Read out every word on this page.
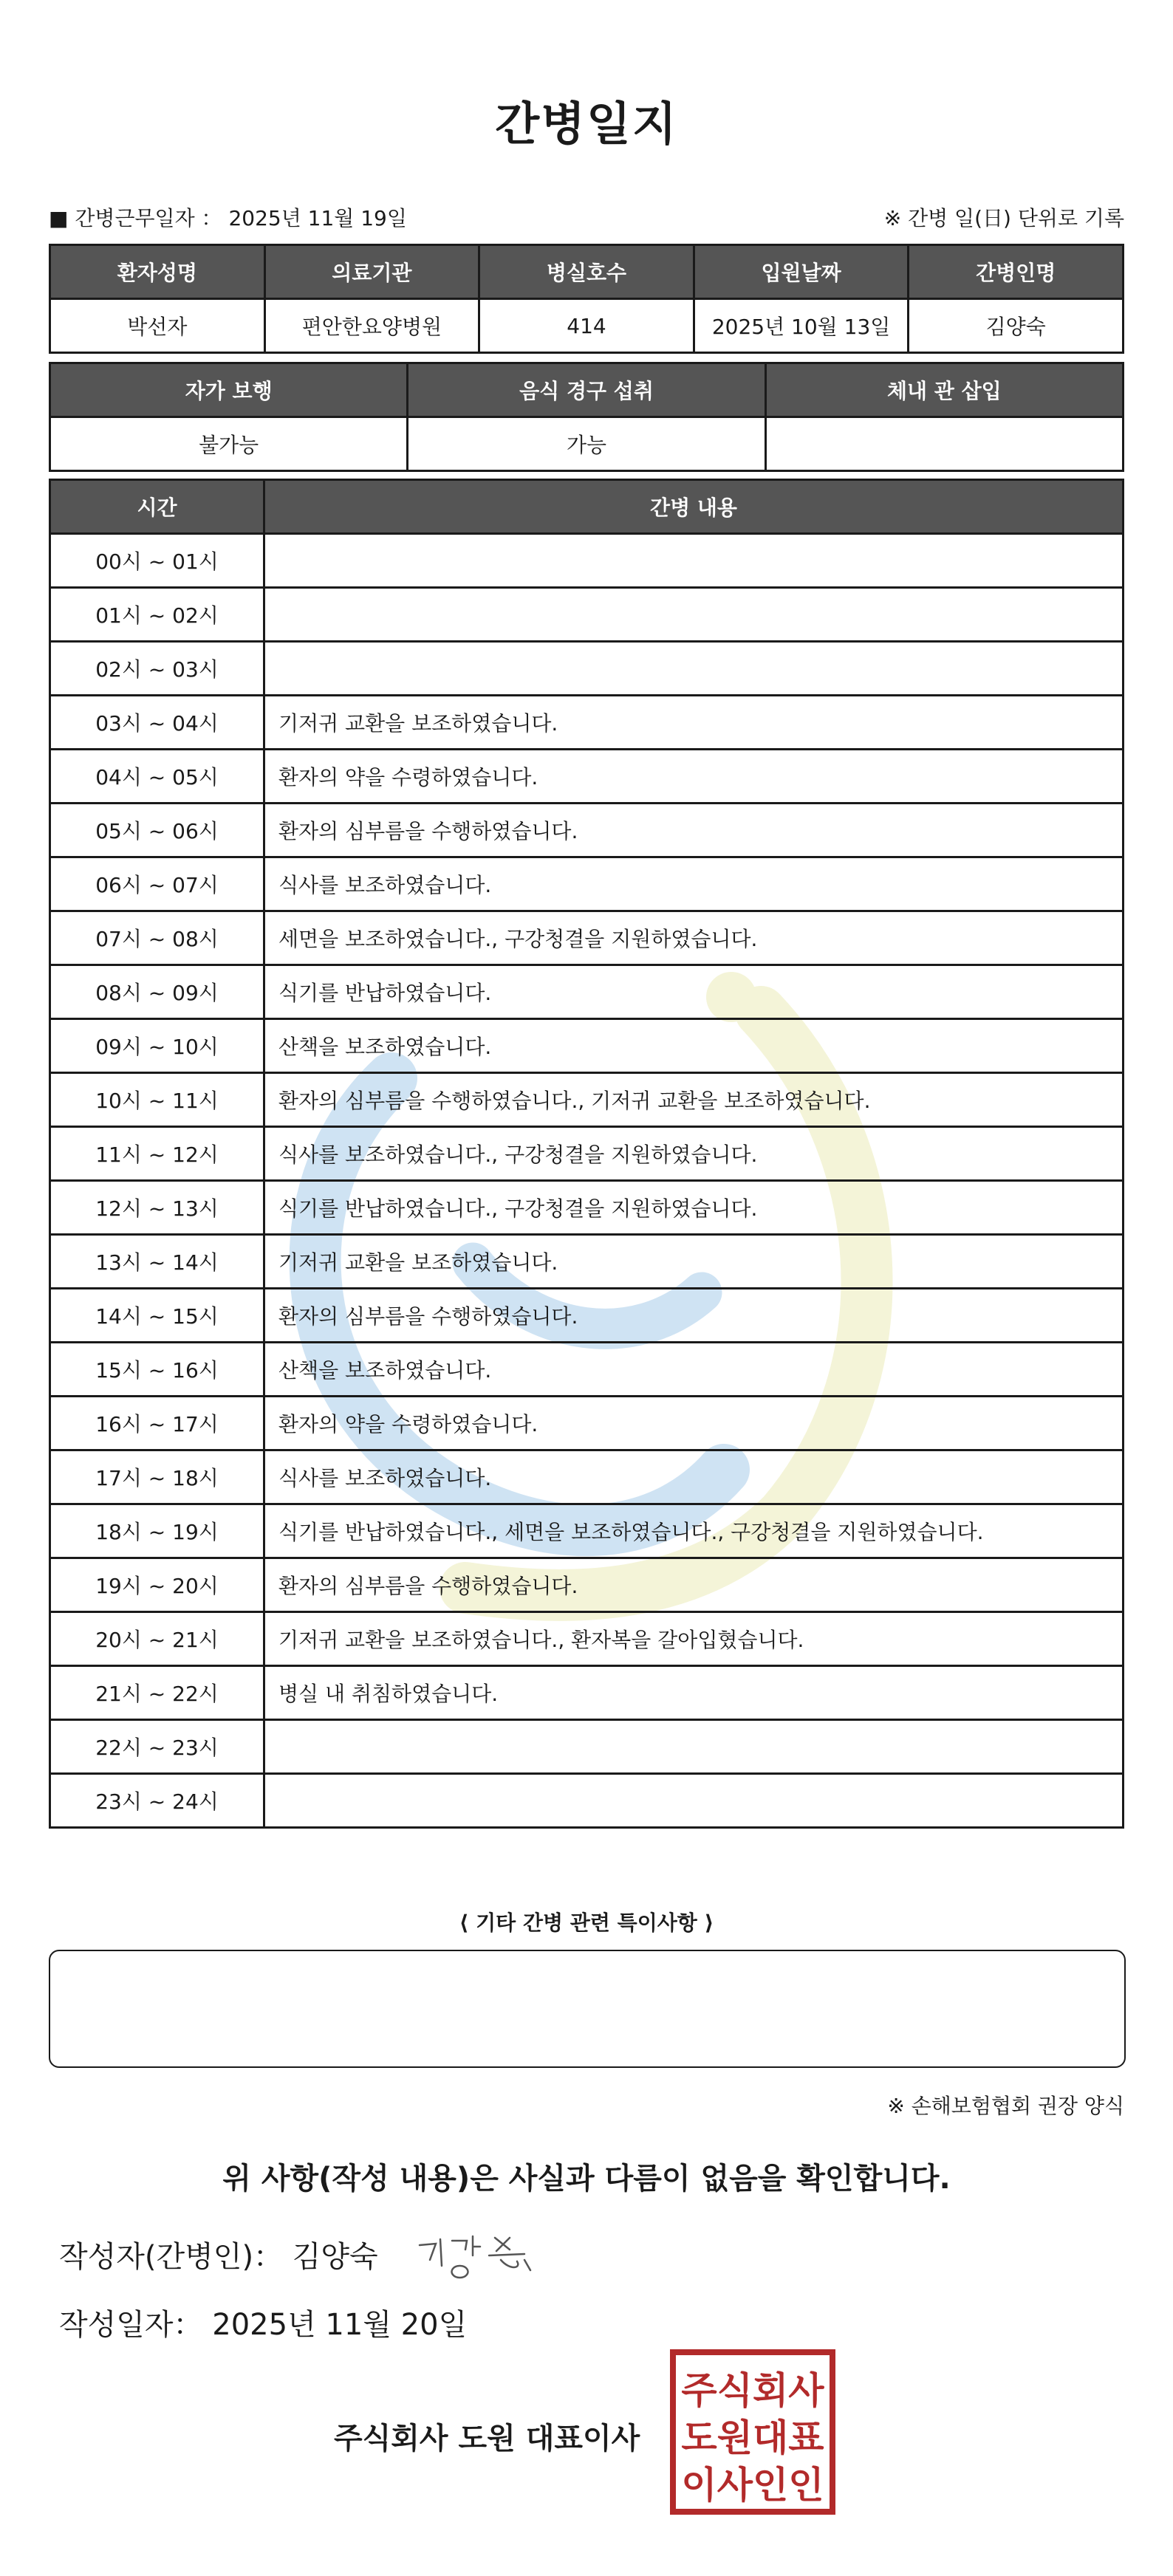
간병일지
■ 간병근무일자 ： 2025년 11월 19일	※ 간병 일(日) 단위로 기록
환자성명	의료기관	병실호수	입원날짜	간병인명
박선자	편안한요양병원	414	2025년 10월 13일	김양숙
자가 보행	음식 경구 섭취	체내 관 삽입
불가능	가능	
시간	간병 내용
00시 ~ 01시	
01시 ~ 02시	
02시 ~ 03시	
03시 ~ 04시	기저귀 교환을 보조하였습니다.
04시 ~ 05시	환자의 약을 수령하였습니다.
05시 ~ 06시	환자의 심부름을 수행하였습니다.
06시 ~ 07시	식사를 보조하였습니다.
07시 ~ 08시	세면을 보조하였습니다., 구강청결을 지원하였습니다.
08시 ~ 09시	식기를 반납하였습니다.
09시 ~ 10시	산책을 보조하였습니다.
10시 ~ 11시	환자의 심부름을 수행하였습니다., 기저귀 교환을 보조하였습니다.
11시 ~ 12시	식사를 보조하였습니다., 구강청결을 지원하였습니다.
12시 ~ 13시	식기를 반납하였습니다., 구강청결을 지원하였습니다.
13시 ~ 14시	기저귀 교환을 보조하였습니다.
14시 ~ 15시	환자의 심부름을 수행하였습니다.
15시 ~ 16시	산책을 보조하였습니다.
16시 ~ 17시	환자의 약을 수령하였습니다.
17시 ~ 18시	식사를 보조하였습니다.
18시 ~ 19시	식기를 반납하였습니다., 세면을 보조하였습니다., 구강청결을 지원하였습니다.
19시 ~ 20시	환자의 심부름을 수행하였습니다.
20시 ~ 21시	기저귀 교환을 보조하였습니다., 환자복을 갈아입혔습니다.
21시 ~ 22시	병실 내 취침하였습니다.
22시 ~ 23시	
23시 ~ 24시	
⟨ 기타 간병 관련 특이사항 ⟩
※ 손해보험협회 권장 양식
위 사항(작성 내용)은 사실과 다름이 없음을 확인합니다.
작성자(간병인)： 김양숙
작성일자： 2025년 11월 20일
주식회사 도원 대표이사
주식회사
도원대표
이사인인
